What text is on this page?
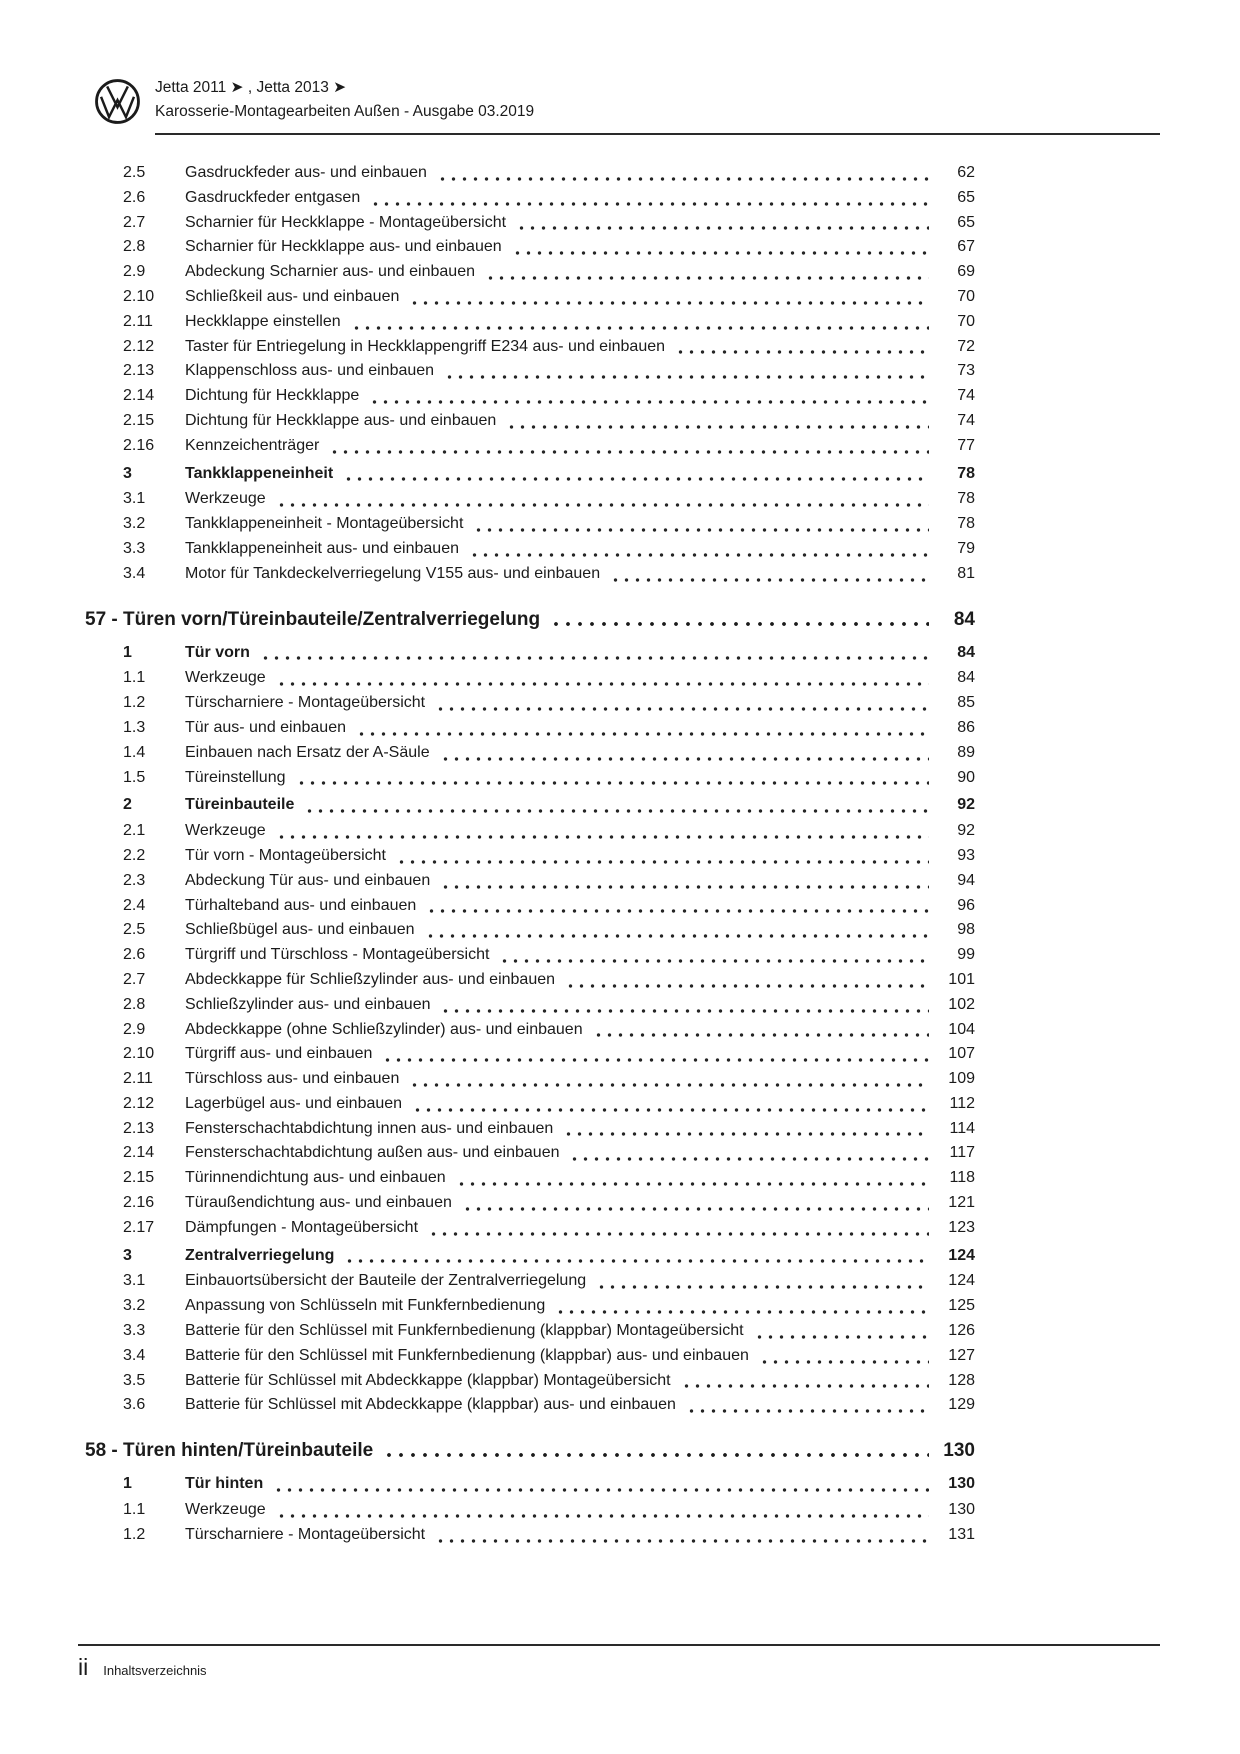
Jetta 2011 ➤ , Jetta 2013 ➤
Karosserie-Montagearbeiten Außen - Ausgabe 03.2019
2.5	Gasdruckfeder aus- und einbauen	62
2.6	Gasdruckfeder entgasen	65
2.7	Scharnier für Heckklappe - Montageübersicht	65
2.8	Scharnier für Heckklappe aus- und einbauen	67
2.9	Abdeckung Scharnier aus- und einbauen	69
2.10	Schließkeil aus- und einbauen	70
2.11	Heckklappe einstellen	70
2.12	Taster für Entriegelung in Heckklappengriff E234 aus- und einbauen	72
2.13	Klappenschloss aus- und einbauen	73
2.14	Dichtung für Heckklappe	74
2.15	Dichtung für Heckklappe aus- und einbauen	74
2.16	Kennzeichenträger	77
3	Tankklappeneinheit	78
3.1	Werkzeuge	78
3.2	Tankklappeneinheit - Montageübersicht	78
3.3	Tankklappeneinheit aus- und einbauen	79
3.4	Motor für Tankdeckelverriegelung V155 aus- und einbauen	81
57 - Türen vorn/Türeinbauteile/Zentralverriegelung	84
1	Tür vorn	84
1.1	Werkzeuge	84
1.2	Türscharniere - Montageübersicht	85
1.3	Tür aus- und einbauen	86
1.4	Einbauen nach Ersatz der A-Säule	89
1.5	Türeinstellung	90
2	Türeinbauteile	92
2.1	Werkzeuge	92
2.2	Tür vorn - Montageübersicht	93
2.3	Abdeckung Tür aus- und einbauen	94
2.4	Türhalteband aus- und einbauen	96
2.5	Schließbügel aus- und einbauen	98
2.6	Türgriff und Türschloss - Montageübersicht	99
2.7	Abdeckkappe für Schließzylinder aus- und einbauen	101
2.8	Schließzylinder aus- und einbauen	102
2.9	Abdeckkappe (ohne Schließzylinder) aus- und einbauen	104
2.10	Türgriff aus- und einbauen	107
2.11	Türschloss aus- und einbauen	109
2.12	Lagerbügel aus- und einbauen	112
2.13	Fensterschachtabdichtung innen aus- und einbauen	114
2.14	Fensterschachtabdichtung außen aus- und einbauen	117
2.15	Türinnendichtung aus- und einbauen	118
2.16	Türaußendichtung aus- und einbauen	121
2.17	Dämpfungen - Montageübersicht	123
3	Zentralverriegelung	124
3.1	Einbauortsübersicht der Bauteile der Zentralverriegelung	124
3.2	Anpassung von Schlüsseln mit Funkfernbedienung	125
3.3	Batterie für den Schlüssel mit Funkfernbedienung (klappbar) Montageübersicht	126
3.4	Batterie für den Schlüssel mit Funkfernbedienung (klappbar) aus- und einbauen	127
3.5	Batterie für Schlüssel mit Abdeckkappe (klappbar) Montageübersicht	128
3.6	Batterie für Schlüssel mit Abdeckkappe (klappbar) aus- und einbauen	129
58 - Türen hinten/Türeinbauteile	130
1	Tür hinten	130
1.1	Werkzeuge	130
1.2	Türscharniere - Montageübersicht	131
ii Inhaltsverzeichnis
